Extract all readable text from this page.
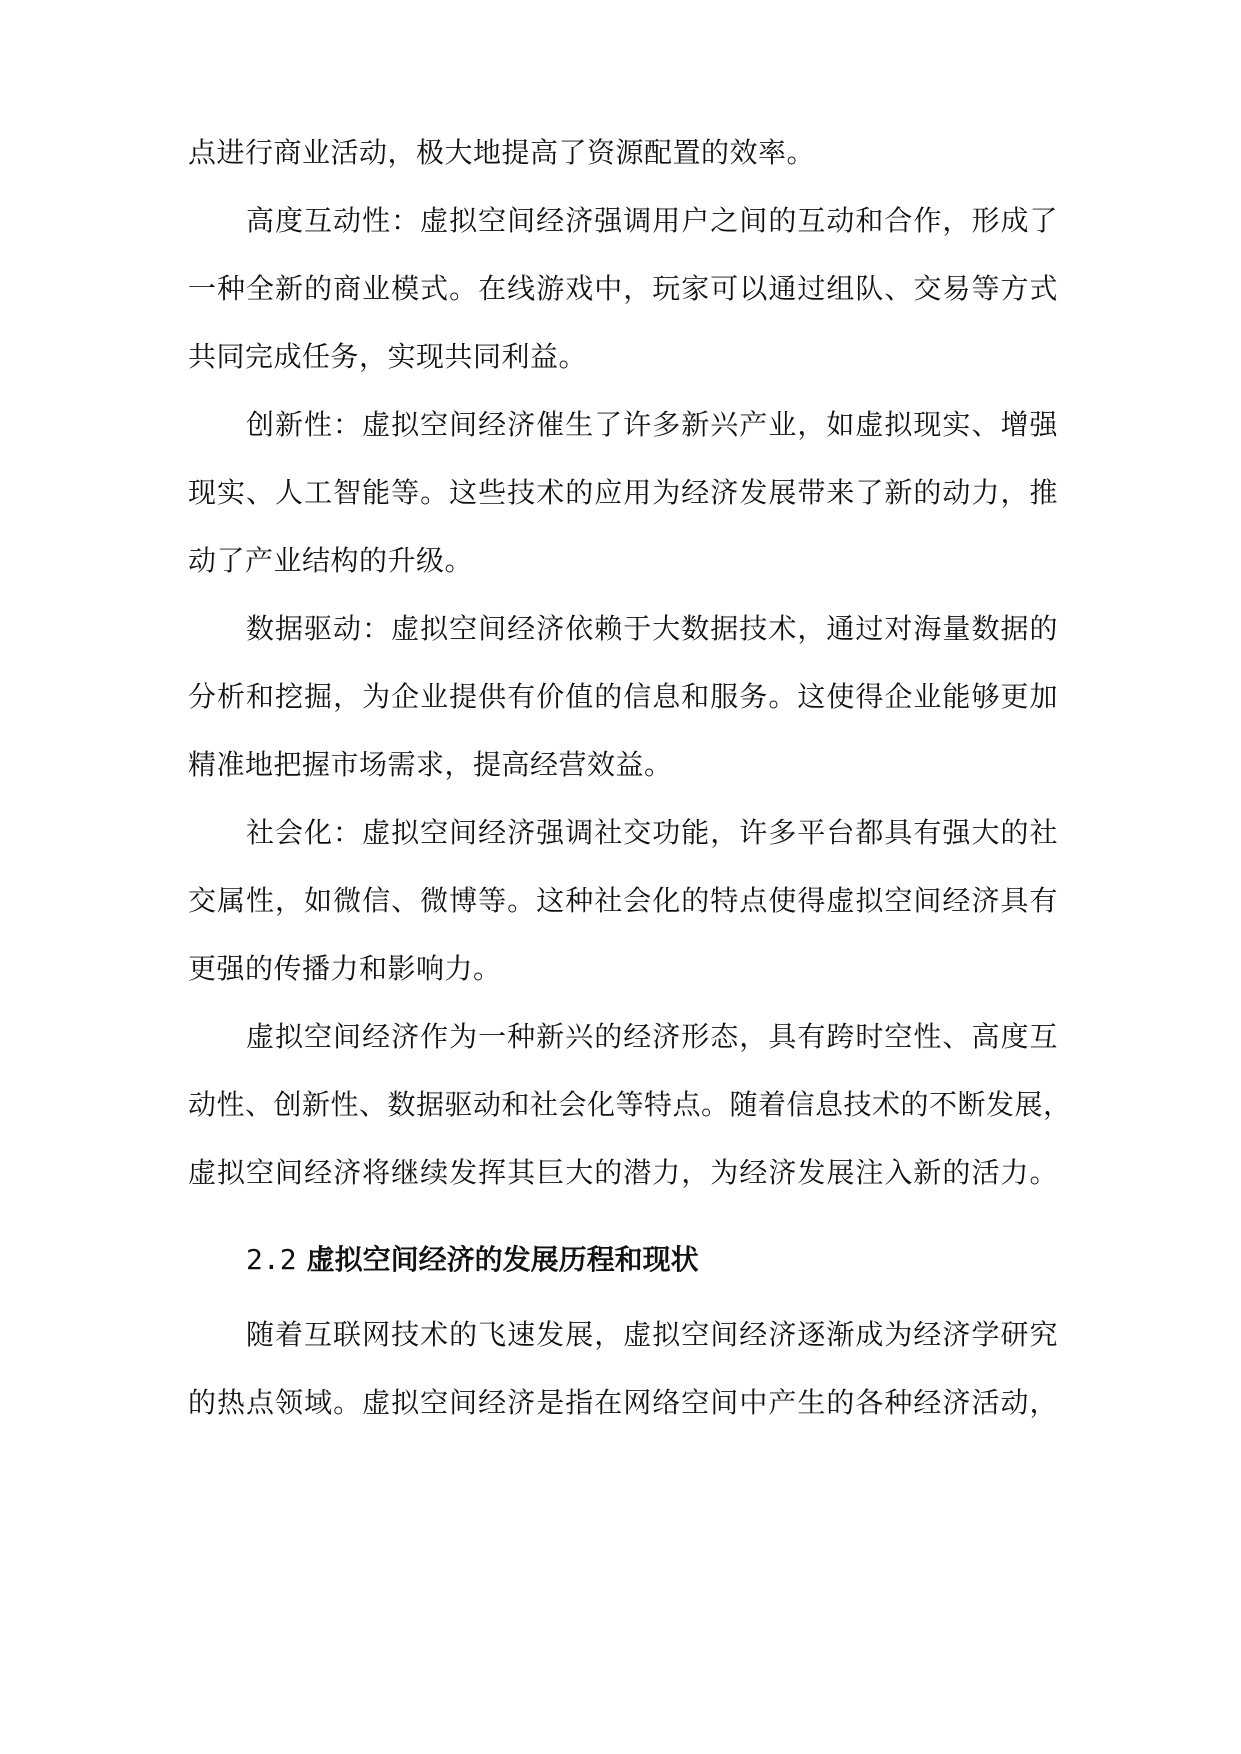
点进行商业活动，极大地提高了资源配置的效率。
高度互动性：虚拟空间经济强调用户之间的互动和合作，形成了
一种全新的商业模式。在线游戏中，玩家可以通过组队、交易等方式
共同完成任务，实现共同利益。
创新性：虚拟空间经济催生了许多新兴产业，如虚拟现实、增强
现实、人工智能等。这些技术的应用为经济发展带来了新的动力，推
动了产业结构的升级。
数据驱动：虚拟空间经济依赖于大数据技术，通过对海量数据的
分析和挖掘，为企业提供有价值的信息和服务。这使得企业能够更加
精准地把握市场需求，提高经营效益。
社会化：虚拟空间经济强调社交功能，许多平台都具有强大的社
交属性，如微信、微博等。这种社会化的特点使得虚拟空间经济具有
更强的传播力和影响力。
虚拟空间经济作为一种新兴的经济形态，具有跨时空性、高度互
动性、创新性、数据驱动和社会化等特点。随着信息技术的不断发展，
虚拟空间经济将继续发挥其巨大的潜力，为经济发展注入新的活力。
2.2 虚拟空间经济的发展历程和现状
随着互联网技术的飞速发展，虚拟空间经济逐渐成为经济学研究
的热点领域。虚拟空间经济是指在网络空间中产生的各种经济活动，
